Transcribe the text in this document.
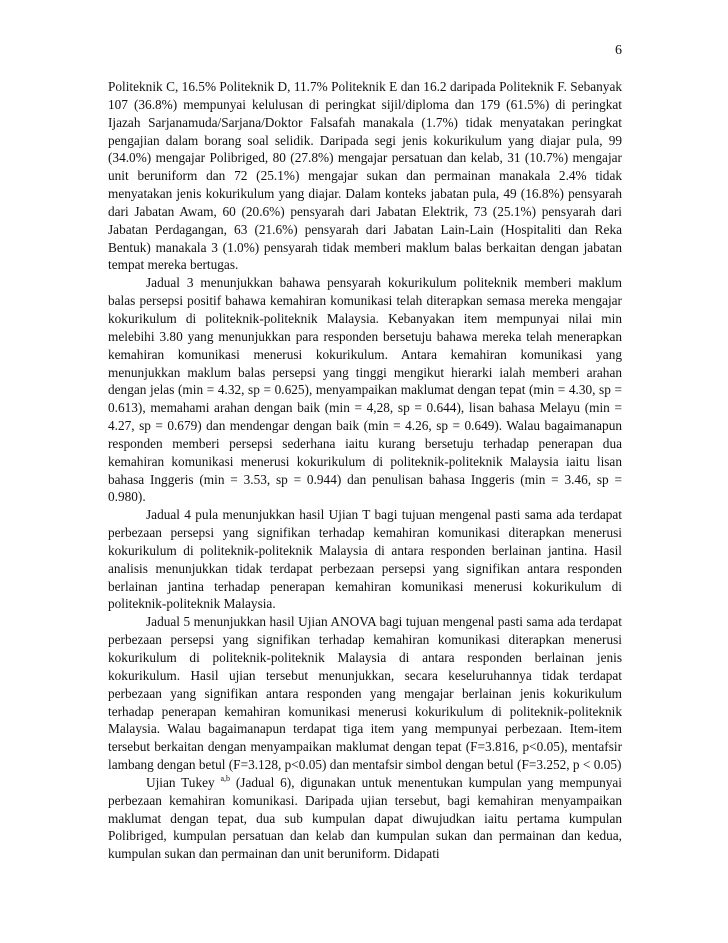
6

Politeknik C, 16.5% Politeknik D, 11.7% Politeknik E dan 16.2 daripada Politeknik F. Sebanyak 107 (36.8%) mempunyai kelulusan di peringkat sijil/diploma dan 179 (61.5%) di peringkat Ijazah Sarjanamuda/Sarjana/Doktor Falsafah manakala (1.7%) tidak menyatakan peringkat pengajian dalam borang soal selidik. Daripada segi jenis kokurikulum yang diajar pula, 99 (34.0%) mengajar Polibriged, 80 (27.8%) mengajar persatuan dan kelab, 31 (10.7%) mengajar unit beruniform dan 72 (25.1%) mengajar sukan dan permainan manakala 2.4% tidak menyatakan jenis kokurikulum yang diajar. Dalam konteks jabatan pula, 49 (16.8%) pensyarah dari Jabatan Awam, 60 (20.6%) pensyarah dari Jabatan Elektrik, 73 (25.1%) pensyarah dari Jabatan Perdagangan, 63 (21.6%) pensyarah dari Jabatan Lain-Lain (Hospitaliti dan Reka Bentuk) manakala 3 (1.0%) pensyarah tidak memberi maklum balas berkaitan dengan jabatan tempat mereka bertugas.

Jadual 3 menunjukkan bahawa pensyarah kokurikulum politeknik memberi maklum balas persepsi positif bahawa kemahiran komunikasi telah diterapkan semasa mereka mengajar kokurikulum di politeknik-politeknik Malaysia. Kebanyakan item mempunyai nilai min melebihi 3.80 yang menunjukkan para responden bersetuju bahawa mereka telah menerapkan kemahiran komunikasi menerusi kokurikulum. Antara kemahiran komunikasi yang menunjukkan maklum balas persepsi yang tinggi mengikut hierarki ialah memberi arahan dengan jelas (min = 4.32, sp = 0.625), menyampaikan maklumat dengan tepat (min = 4.30, sp = 0.613), memahami arahan dengan baik (min = 4,28, sp = 0.644), lisan bahasa Melayu (min = 4.27, sp = 0.679) dan mendengar dengan baik (min = 4.26, sp = 0.649). Walau bagaimanapun responden memberi persepsi sederhana iaitu kurang bersetuju terhadap penerapan dua kemahiran komunikasi menerusi kokurikulum di politeknik-politeknik Malaysia iaitu lisan bahasa Inggeris (min = 3.53, sp = 0.944) dan penulisan bahasa Inggeris (min = 3.46, sp = 0.980).

Jadual 4 pula menunjukkan hasil Ujian T bagi tujuan mengenal pasti sama ada terdapat perbezaan persepsi yang signifikan terhadap kemahiran komunikasi diterapkan menerusi kokurikulum di politeknik-politeknik Malaysia di antara responden berlainan jantina. Hasil analisis menunjukkan tidak terdapat perbezaan persepsi yang signifikan antara responden berlainan jantina terhadap penerapan kemahiran komunikasi menerusi kokurikulum di politeknik-politeknik Malaysia.

Jadual 5 menunjukkan hasil Ujian ANOVA bagi tujuan mengenal pasti sama ada terdapat perbezaan persepsi yang signifikan terhadap kemahiran komunikasi diterapkan menerusi kokurikulum di politeknik-politeknik Malaysia di antara responden berlainan jenis kokurikulum. Hasil ujian tersebut menunjukkan, secara keseluruhannya tidak terdapat perbezaan yang signifikan antara responden yang mengajar berlainan jenis kokurikulum terhadap penerapan kemahiran komunikasi menerusi kokurikulum di politeknik-politeknik Malaysia. Walau bagaimanapun terdapat tiga item yang mempunyai perbezaan. Item-item tersebut berkaitan dengan menyampaikan maklumat dengan tepat (F=3.816, p<0.05), mentafsir lambang dengan betul (F=3.128, p<0.05) dan mentafsir simbol dengan betul (F=3.252, p < 0.05)

Ujian Tukey $^{a,b}$ (Jadual 6), digunakan untuk menentukan kumpulan yang mempunyai perbezaan kemahiran komunikasi. Daripada ujian tersebut, bagi kemahiran menyampaikan maklumat dengan tepat, dua sub kumpulan dapat diwujudkan iaitu pertama kumpulan Polibriged, kumpulan persatuan dan kelab dan kumpulan sukan dan permainan dan kedua, kumpulan sukan dan permainan dan unit beruniform. Didapati
